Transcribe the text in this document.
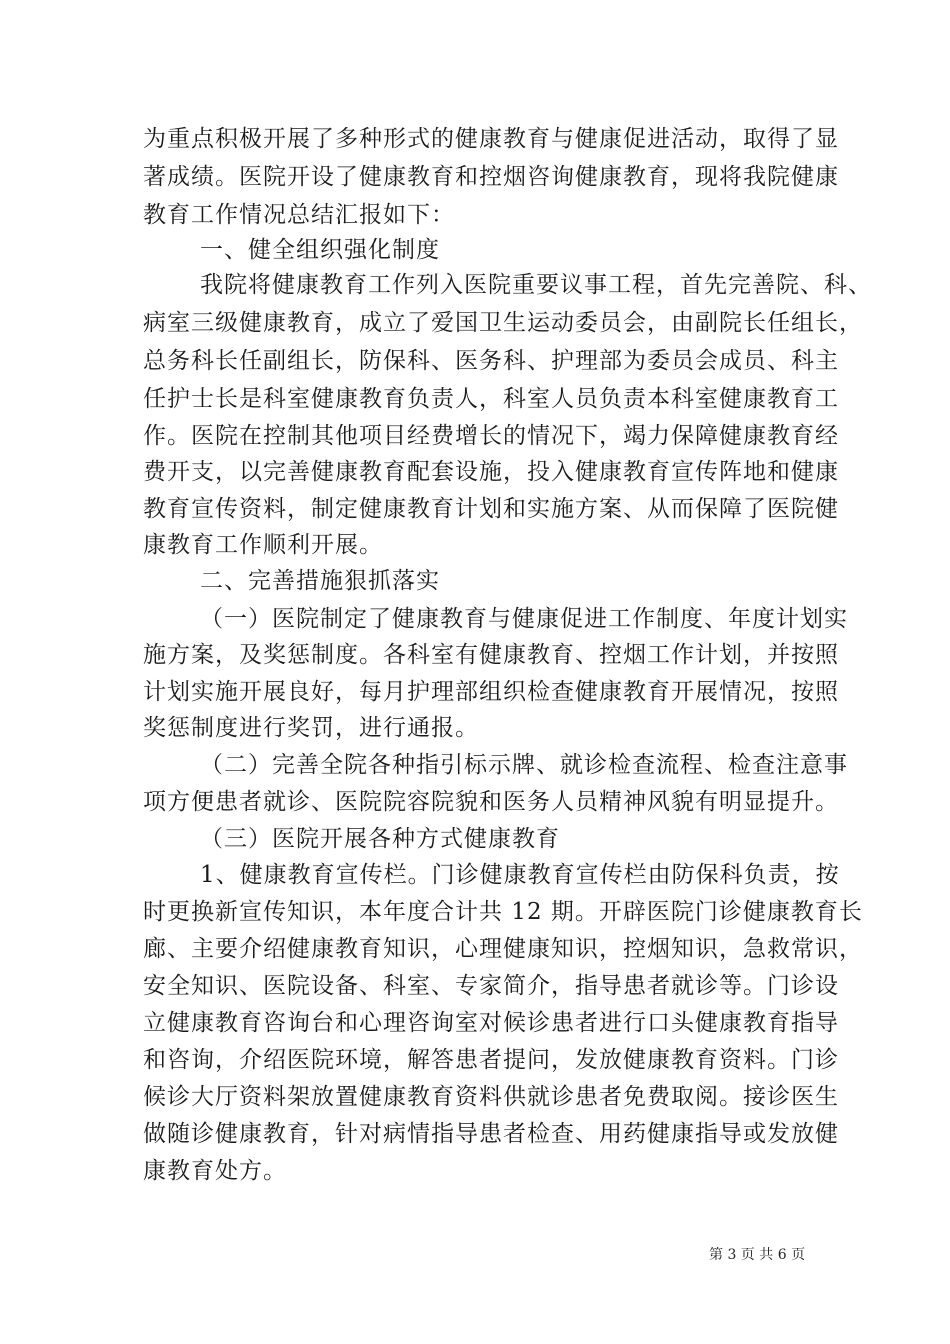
为重点积极开展了多种形式的健康教育与健康促进活动，取得了显
著成绩。医院开设了健康教育和控烟咨询健康教育，现将我院健康
教育工作情况总结汇报如下：
一、健全组织强化制度
我院将健康教育工作列入医院重要议事工程，首先完善院、科、
病室三级健康教育，成立了爱国卫生运动委员会，由副院长任组长，
总务科长任副组长，防保科、医务科、护理部为委员会成员、科主
任护士长是科室健康教育负责人，科室人员负责本科室健康教育工
作。医院在控制其他项目经费增长的情况下，竭力保障健康教育经
费开支，以完善健康教育配套设施，投入健康教育宣传阵地和健康
教育宣传资料，制定健康教育计划和实施方案、从而保障了医院健
康教育工作顺利开展。
二、完善措施狠抓落实
（一）医院制定了健康教育与健康促进工作制度、年度计划实
施方案，及奖惩制度。各科室有健康教育、控烟工作计划，并按照
计划实施开展良好，每月护理部组织检查健康教育开展情况，按照
奖惩制度进行奖罚，进行通报。
（二）完善全院各种指引标示牌、就诊检查流程、检查注意事
项方便患者就诊、医院院容院貌和医务人员精神风貌有明显提升。
（三）医院开展各种方式健康教育
1、健康教育宣传栏。门诊健康教育宣传栏由防保科负责，按
时更换新宣传知识，本年度合计共 12 期。开辟医院门诊健康教育长
廊、主要介绍健康教育知识，心理健康知识，控烟知识，急救常识，
安全知识、医院设备、科室、专家简介，指导患者就诊等。门诊设
立健康教育咨询台和心理咨询室对候诊患者进行口头健康教育指导
和咨询，介绍医院环境，解答患者提问，发放健康教育资料。门诊
候诊大厅资料架放置健康教育资料供就诊患者免费取阅。接诊医生
做随诊健康教育，针对病情指导患者检查、用药健康指导或发放健
康教育处方。
第 3 页 共 6 页
